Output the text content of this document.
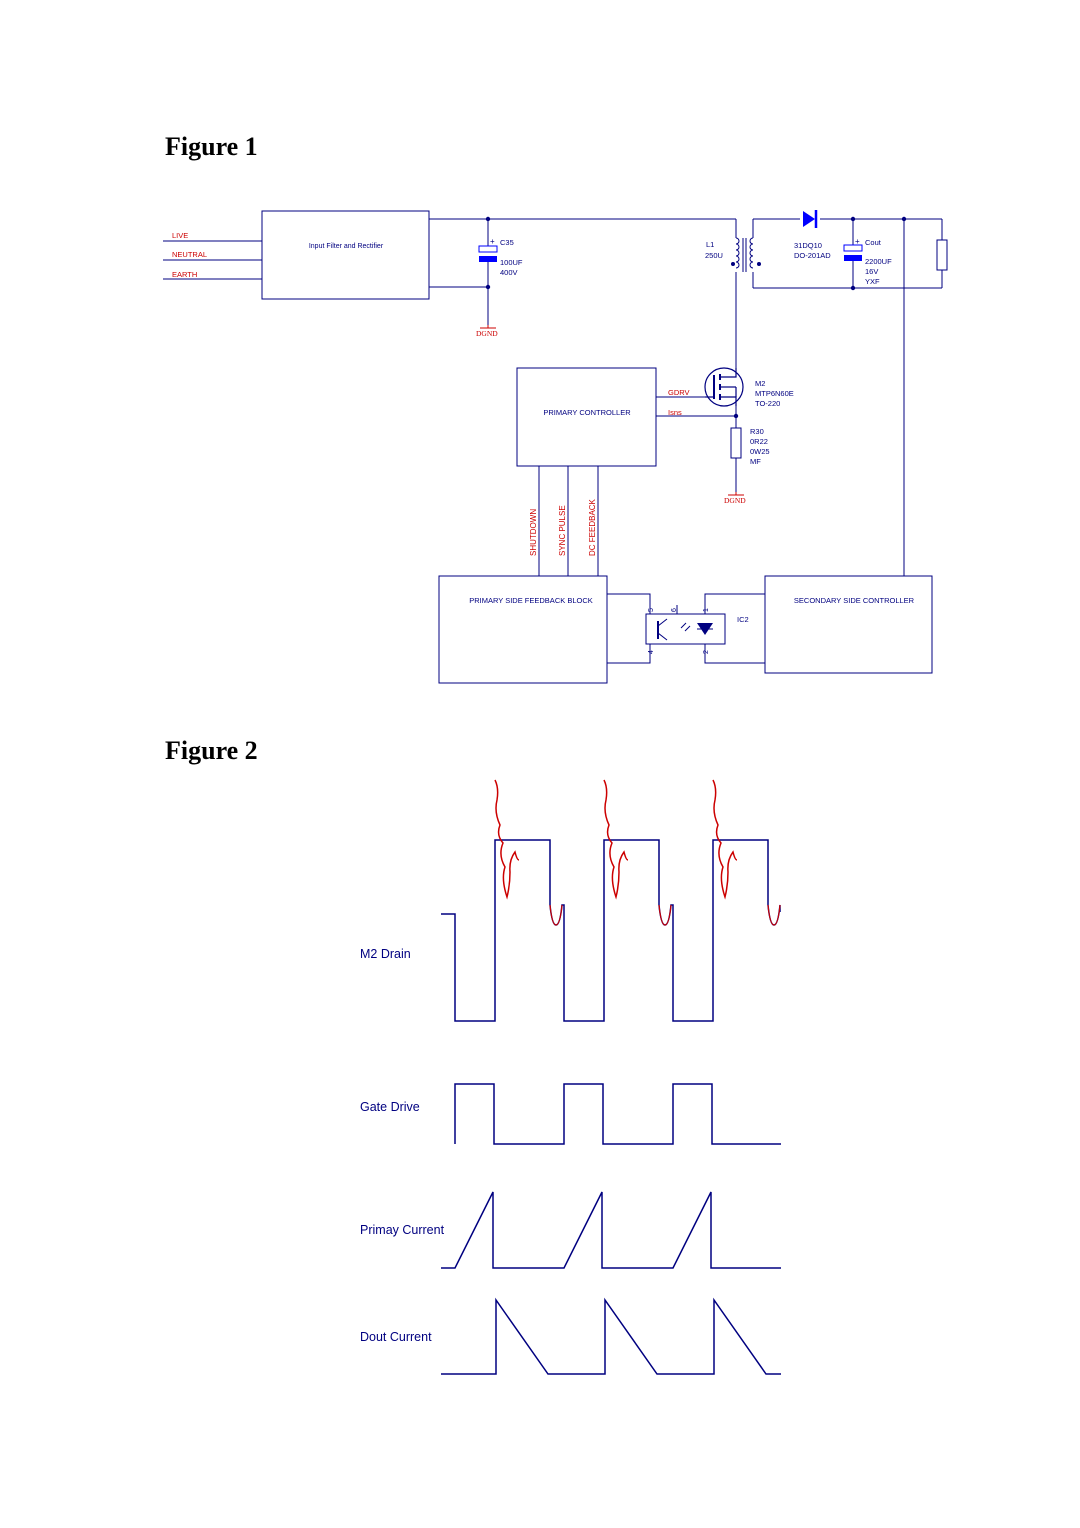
Figure 1
Figure 2
LIVE
NEUTRAL
EARTH
Input Filter and Rectifier
+ C35
100UF
400V
DGND
L1
250U
31DQ10
DO-201AD
+ Cout
2200UF
16V
YXF
M2
MTP6N60E
TO-220
R30
0R22
0W25
MF
DGND
PRIMARY CONTROLLER
GDRV
Isns
SHUTDOWN	SYNC PULSE	DC FEEDBACK
PRIMARY SIDE FEEDBACK BLOCK	SECONDARY SIDE CONTROLLER
5 6	1
4	2
IC2
M2 Drain
Gate Drive
Primay Current
Dout Current
